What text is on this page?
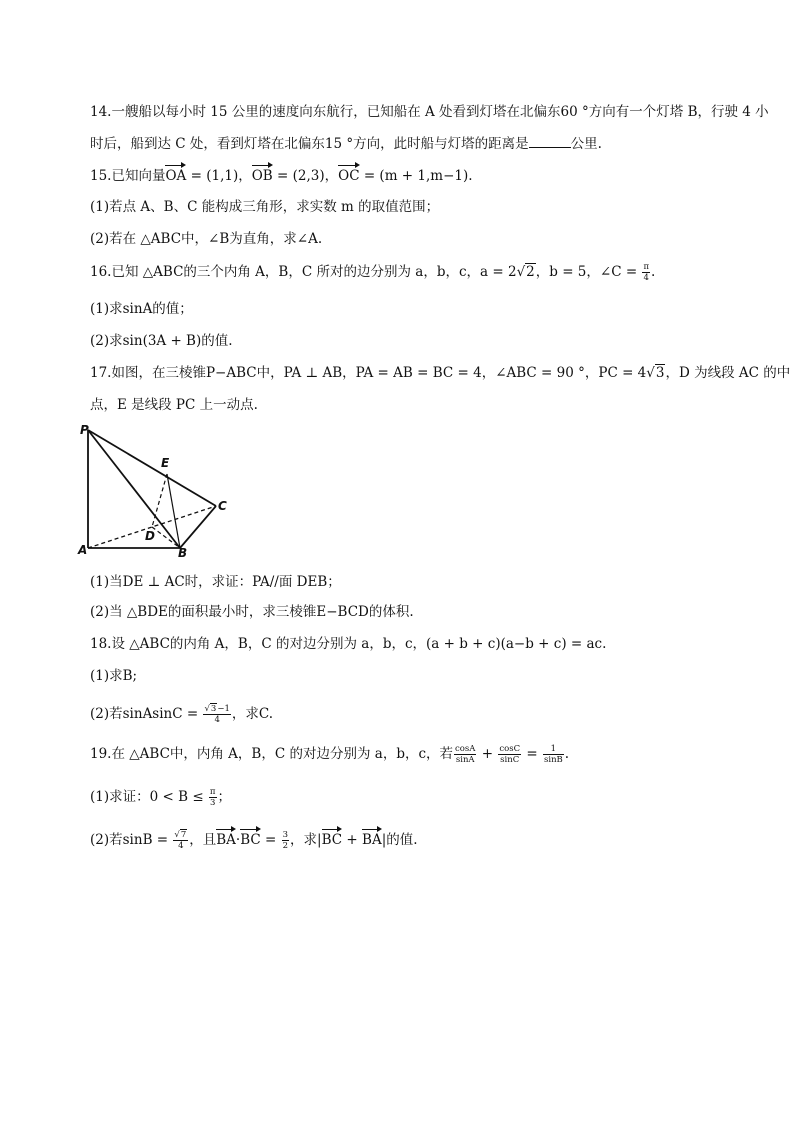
14.一艘船以每小时 15 公里的速度向东航行，已知船在 A 处看到灯塔在北偏东60 °方向有一个灯塔 B，行驶 4 小
时后，船到达 C 处，看到灯塔在北偏东15 °方向，此时船与灯塔的距离是	公里.
15.已知向量OA = (1,1)，OB = (2,3)，OC = (m + 1,m−1).
(1)若点 A、B、C 能构成三角形，求实数 m 的取值范围；
(2)若在 △ABC中，∠B为直角，求∠A.
16.已知 △ABC的三个内角 A，B，C 所对的边分别为 a，b，c，a = 2√2，b = 5，∠C = $\frac{\pi}{4}$ .
(1)求sinA的值；
(2)求sin(3A + B)的值.
17.如图，在三棱锥P−ABC中，PA ⊥ AB，PA = AB = BC = 4，∠ABC = 90 °，PC = 4√3，D 为线段 AC 的中
点，E 是线段 PC 上一动点.
P
E
C
D
A	B
(1)当DE ⊥ AC时，求证：PA//面 DEB；
(2)当 △BDE的面积最小时，求三棱锥E−BCD的体积.
18.设 △ABC的内角 A，B，C 的对边分别为 a，b，c，(a + b + c)(a−b + c) = ac.
(1)求B;
(2)若sinAsinC = $\frac{√3-1}{4}$ ，求C.
19.在 △ABC中，内角 A，B，C 的对边分别为 a，b，c，若 $\frac{\cos A}{\sin A} + \frac{\cos C}{\sin C} = \frac{1}{\sin B}$ .
(1)求证：$0 < B \le \frac{\pi}{3}$ ；
(2)若$\sin B = \frac{√7}{4}$ ，且$BA\cdot BC = \frac{3}{2}$ ，求|BC + BA|的值.
